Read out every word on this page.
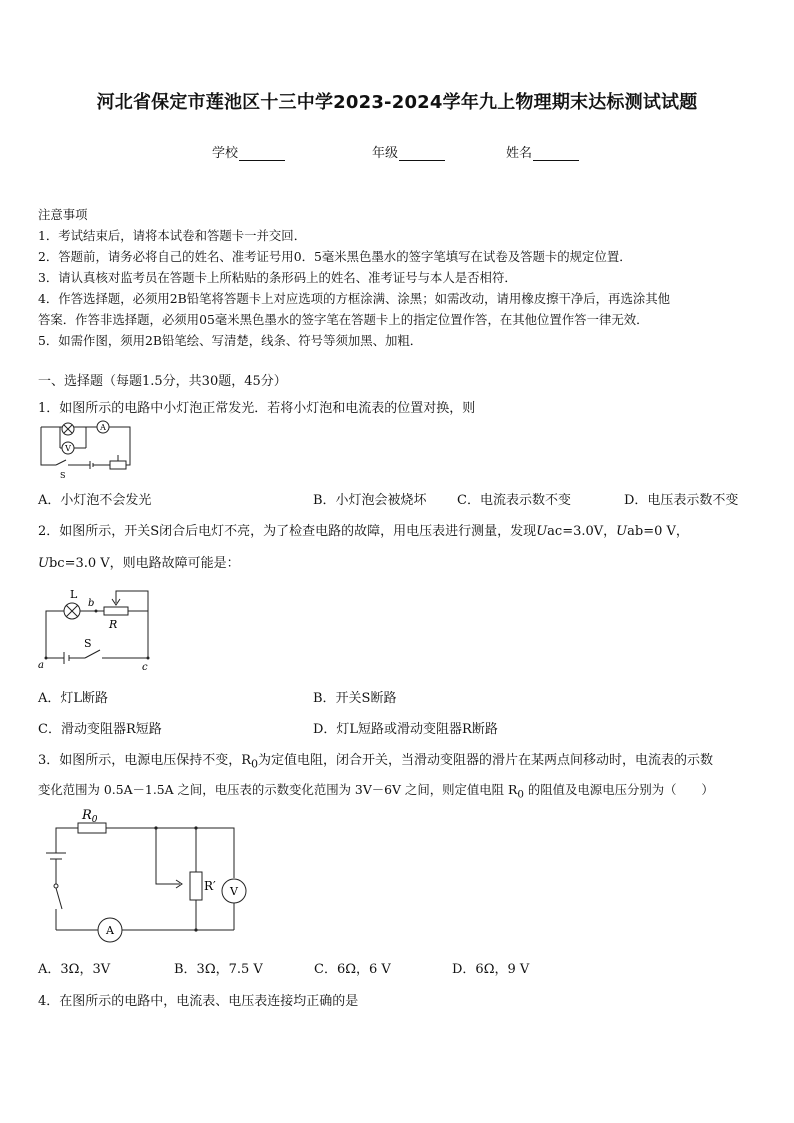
河北省保定市莲池区十三中学2023-2024学年九上物理期末达标测试试题
学校	年级	姓名
注意事项
1．考试结束后，请将本试卷和答题卡一并交回．
2．答题前，请务必将自己的姓名、准考证号用0．5毫米黑色墨水的签字笔填写在试卷及答题卡的规定位置．
3．请认真核对监考员在答题卡上所粘贴的条形码上的姓名、准考证号与本人是否相符．
4．作答选择题，必须用2B铅笔将答题卡上对应选项的方框涂满、涂黑；如需改动，请用橡皮擦干净后，再选涂其他
答案．作答非选择题，必须用05毫米黑色墨水的签字笔在答题卡上的指定位置作答，在其他位置作答一律无效．
5．如需作图，须用2B铅笔绘、写清楚，线条、符号等须加黑、加粗．
一、选择题（每题1.5分，共30题，45分）
1．如图所示的电路中小灯泡正常发光．若将小灯泡和电流表的位置对换，则
A
V
S
A．小灯泡不会发光	B．小灯泡会被烧坏 C．电流表示数不变	D．电压表示数不变
2．如图所示，开关S闭合后电灯不亮，为了检查电路的故障，用电压表进行测量，发现Uac=3.0V，Uab=0 V，
Ubc=3.0 V，则电路故障可能是：
L
b
R
S
a	c
A．灯L断路	B．开关S断路
C．滑动变阻器R短路	D．灯L短路或滑动变阻器R断路
3．如图所示，电源电压保持不变，$R_0$为定值电阻，闭合开关，当滑动变阻器的滑片在某两点间移动时，电流表的示数
变化范围为 0.5A－1.5A 之间，电压表的示数变化范围为 3V－6V 之间，则定值电阻 $R_0$ 的阻值及电源电压分别为（　　）
$R_0$
R′ V
A
A．3Ω，3V	B．3Ω，7.5 V	C．6Ω，6 V	D．6Ω，9 V
4．在图所示的电路中，电流表、电压表连接均正确的是
